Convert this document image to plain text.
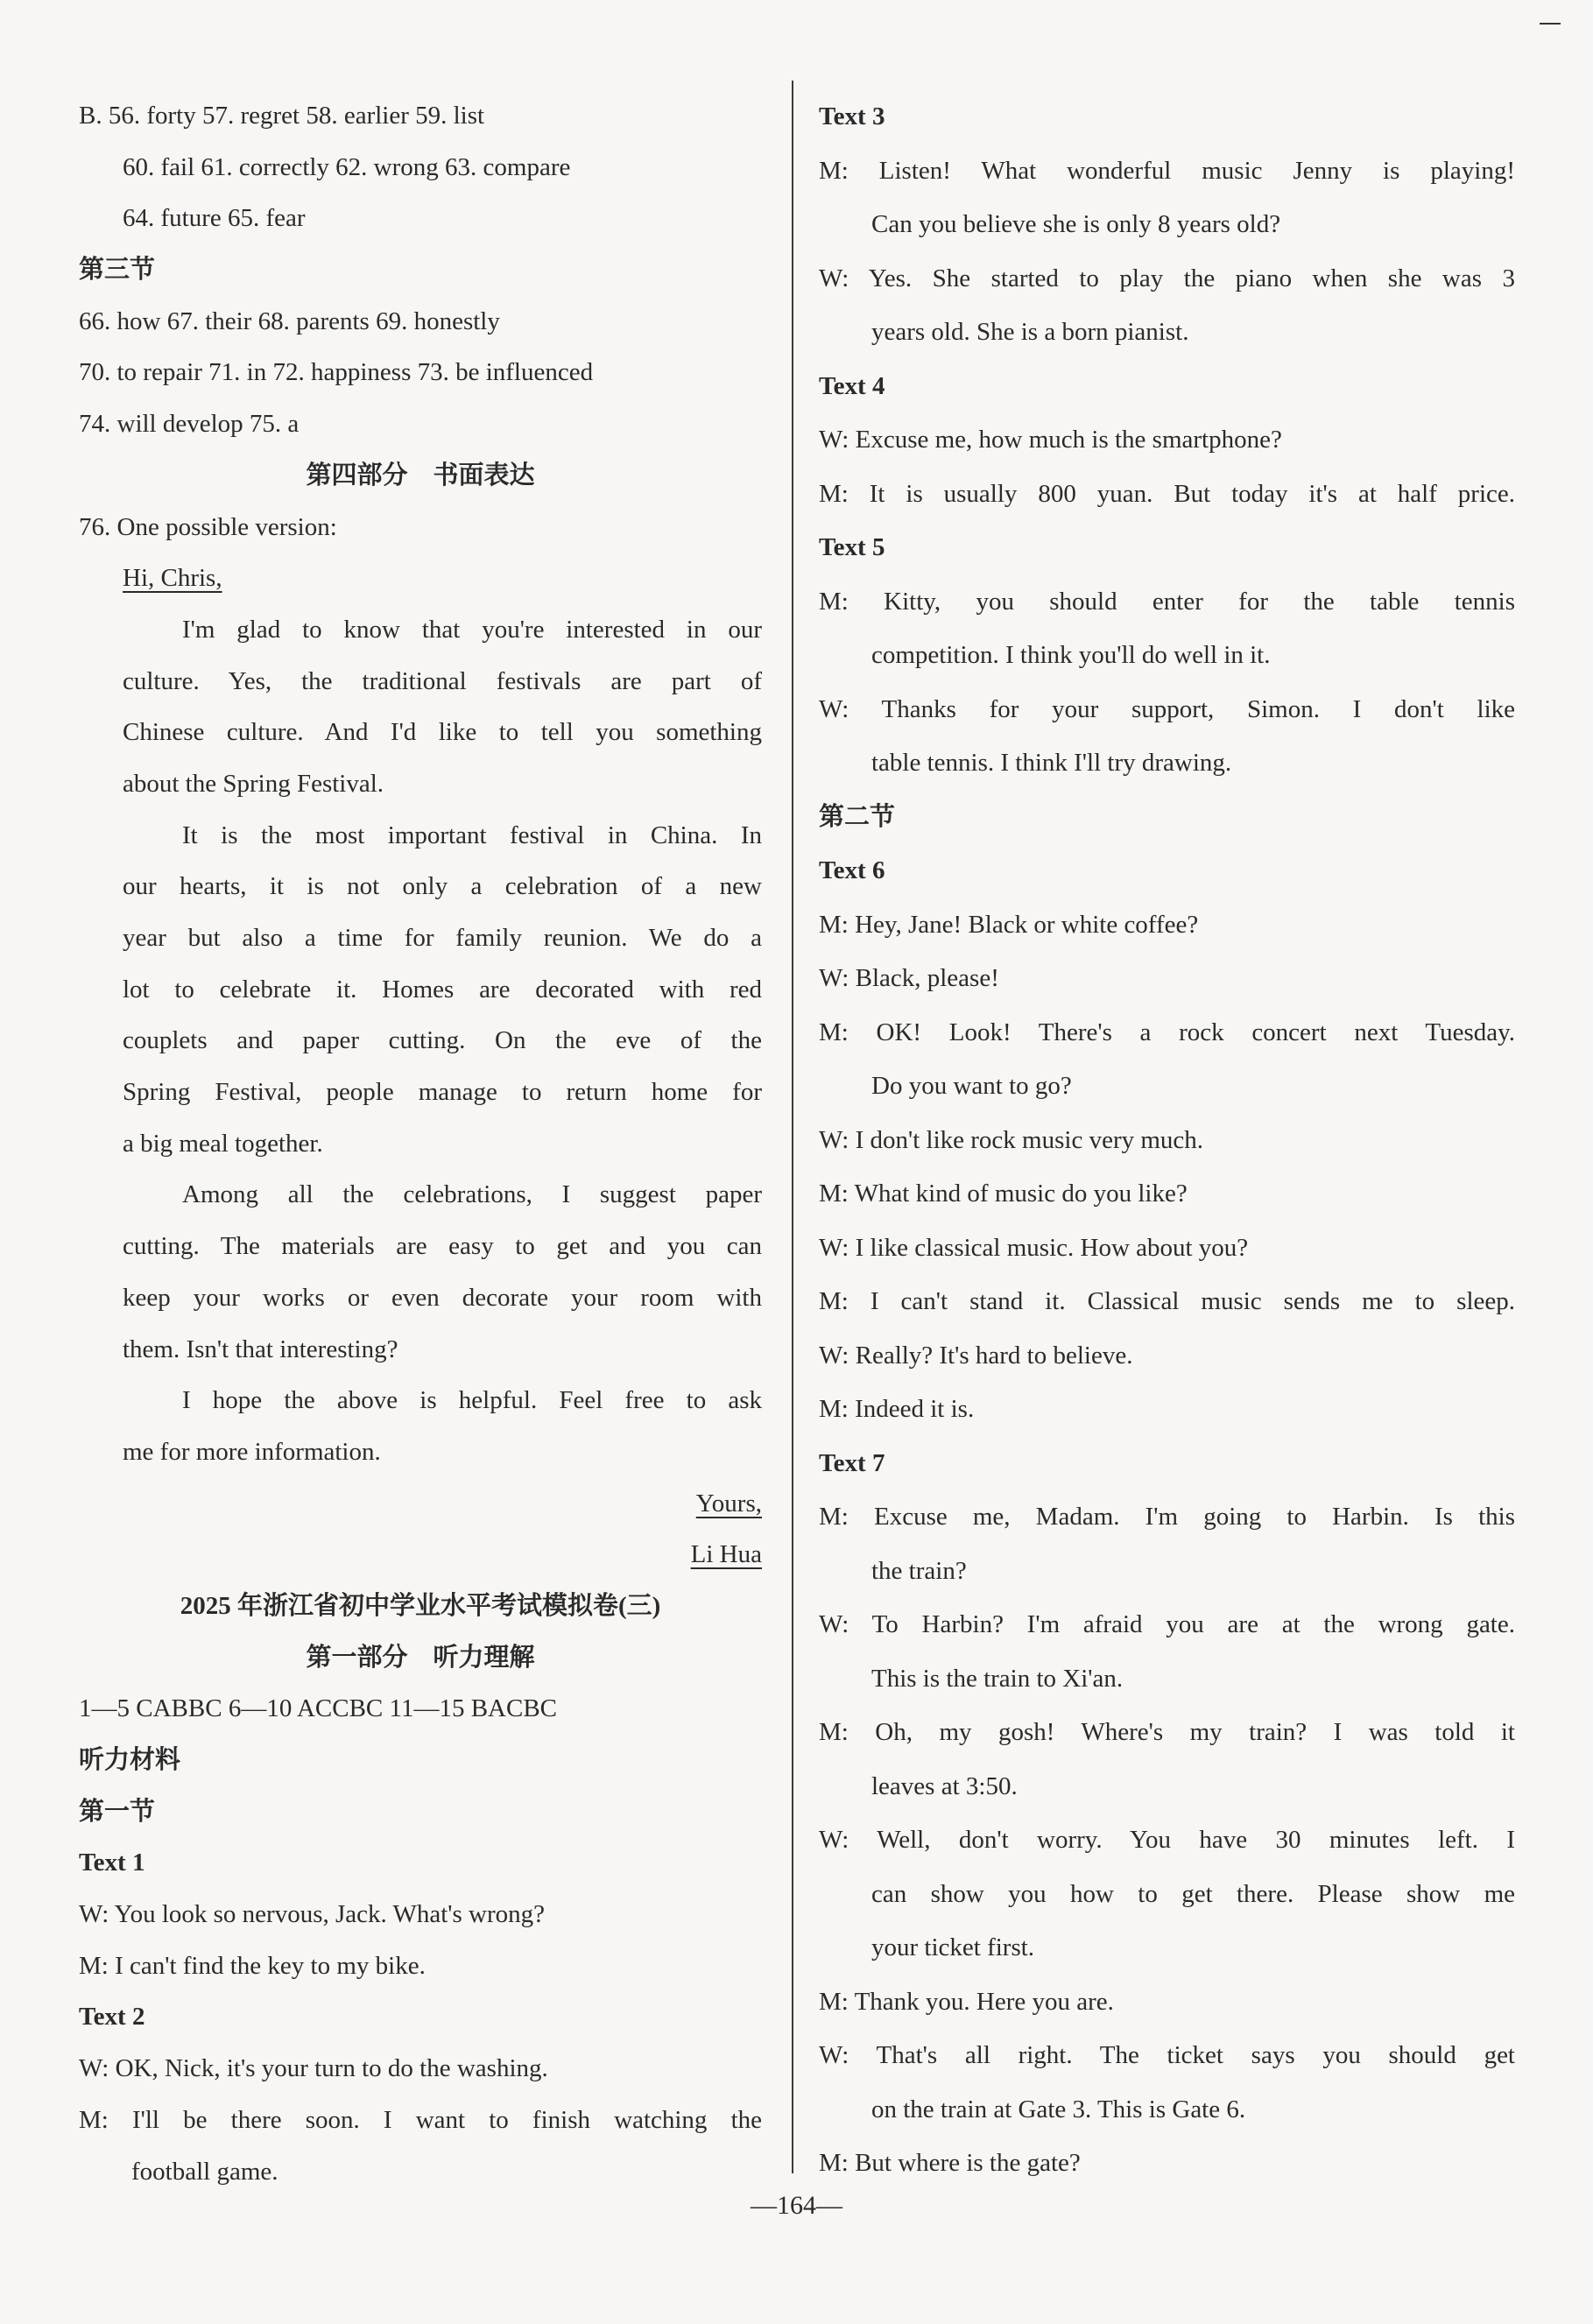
B. 56. forty 57. regret 58. earlier 59. list
60. fail 61. correctly 62. wrong 63. compare
64. future 65. fear
第三节
66. how 67. their 68. parents 69. honestly
70. to repair 71. in 72. happiness 73. be influenced
74. will develop 75. a
第四部分　书面表达
76. One possible version:
Hi, Chris,
I'm glad to know that you're interested in our
culture. Yes, the traditional festivals are part of
Chinese culture. And I'd like to tell you something
about the Spring Festival.
It is the most important festival in China. In
our hearts, it is not only a celebration of a new
year but also a time for family reunion. We do a
lot to celebrate it. Homes are decorated with red
couplets and paper cutting. On the eve of the
Spring Festival, people manage to return home for
a big meal together.
Among all the celebrations, I suggest paper
cutting. The materials are easy to get and you can
keep your works or even decorate your room with
them. Isn't that interesting?
I hope the above is helpful. Feel free to ask
me for more information.
Yours,
Li Hua
2025 年浙江省初中学业水平考试模拟卷(三)
第一部分　听力理解
1—5 CABBC 6—10 ACCBC 11—15 BACBC
听力材料
第一节
Text 1
W: You look so nervous, Jack. What's wrong?
M: I can't find the key to my bike.
Text 2
W: OK, Nick, it's your turn to do the washing.
M: I'll be there soon. I want to finish watching the
football game.
Text 3
M: Listen! What wonderful music Jenny is playing!
Can you believe she is only 8 years old?
W: Yes. She started to play the piano when she was 3
years old. She is a born pianist.
Text 4
W: Excuse me, how much is the smartphone?
M: It is usually 800 yuan. But today it's at half price.
Text 5
M: Kitty, you should enter for the table tennis
competition. I think you'll do well in it.
W: Thanks for your support, Simon. I don't like
table tennis. I think I'll try drawing.
第二节
Text 6
M: Hey, Jane! Black or white coffee?
W: Black, please!
M: OK! Look! There's a rock concert next Tuesday.
Do you want to go?
W: I don't like rock music very much.
M: What kind of music do you like?
W: I like classical music. How about you?
M: I can't stand it. Classical music sends me to sleep.
W: Really? It's hard to believe.
M: Indeed it is.
Text 7
M: Excuse me, Madam. I'm going to Harbin. Is this
the train?
W: To Harbin? I'm afraid you are at the wrong gate.
This is the train to Xi'an.
M: Oh, my gosh! Where's my train? I was told it
leaves at 3:50.
W: Well, don't worry. You have 30 minutes left. I
can show you how to get there. Please show me
your ticket first.
M: Thank you. Here you are.
W: That's all right. The ticket says you should get
on the train at Gate 3. This is Gate 6.
M: But where is the gate?
—164—
